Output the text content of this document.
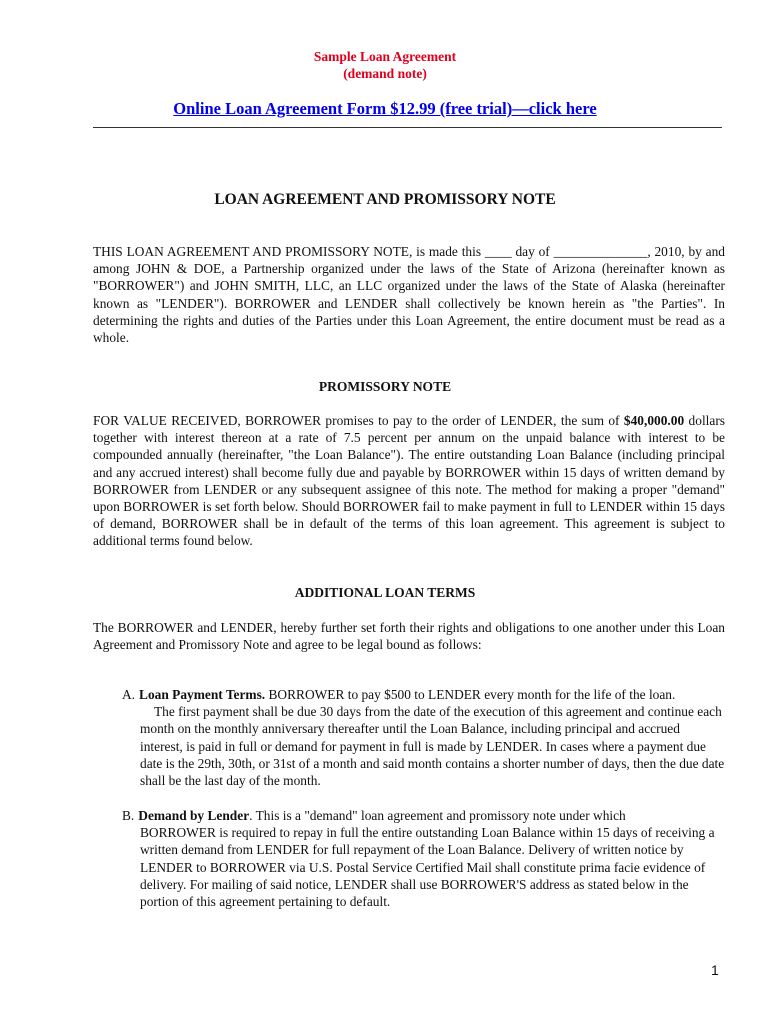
Sample Loan Agreement
(demand note)
Online Loan Agreement Form $12.99 (free trial)––click here
LOAN AGREEMENT AND PROMISSORY NOTE
THIS LOAN AGREEMENT AND PROMISSORY NOTE, is made this ____ day of ______________, 2010, by and among JOHN & DOE, a Partnership organized under the laws of the State of Arizona (hereinafter known as "BORROWER") and JOHN SMITH, LLC, an LLC organized under the laws of the State of Alaska (hereinafter known as "LENDER"). BORROWER and LENDER shall collectively be known herein as "the Parties". In determining the rights and duties of the Parties under this Loan Agreement, the entire document must be read as a whole.
PROMISSORY NOTE
FOR VALUE RECEIVED, BORROWER promises to pay to the order of LENDER, the sum of $40,000.00 dollars together with interest thereon at a rate of 7.5 percent per annum on the unpaid balance with interest to be compounded annually (hereinafter, "the Loan Balance"). The entire outstanding Loan Balance (including principal and any accrued interest) shall become fully due and payable by BORROWER within 15 days of written demand by BORROWER from LENDER or any subsequent assignee of this note. The method for making a proper "demand" upon BORROWER is set forth below. Should BORROWER fail to make payment in full to LENDER within 15 days of demand, BORROWER shall be in default of the terms of this loan agreement. This agreement is subject to additional terms found below.
ADDITIONAL LOAN TERMS
The BORROWER and LENDER, hereby further set forth their rights and obligations to one another under this Loan Agreement and Promissory Note and agree to be legal bound as follows:
A. Loan Payment Terms. BORROWER to pay $500 to LENDER every month for the life of the loan.
The first payment shall be due 30 days from the date of the execution of this agreement and continue each month on the monthly anniversary thereafter until the Loan Balance, including principal and accrued interest, is paid in full or demand for payment in full is made by LENDER. In cases where a payment due date is the 29th, 30th, or 31st of a month and said month contains a shorter number of days, then the due date shall be the last day of the month.
B. Demand by Lender. This is a "demand" loan agreement and promissory note under which
BORROWER is required to repay in full the entire outstanding Loan Balance within 15 days of receiving a written demand from LENDER for full repayment of the Loan Balance. Delivery of written notice by LENDER to BORROWER via U.S. Postal Service Certified Mail shall constitute prima facie evidence of delivery. For mailing of said notice, LENDER shall use BORROWER'S address as stated below in the portion of this agreement pertaining to default.
1
